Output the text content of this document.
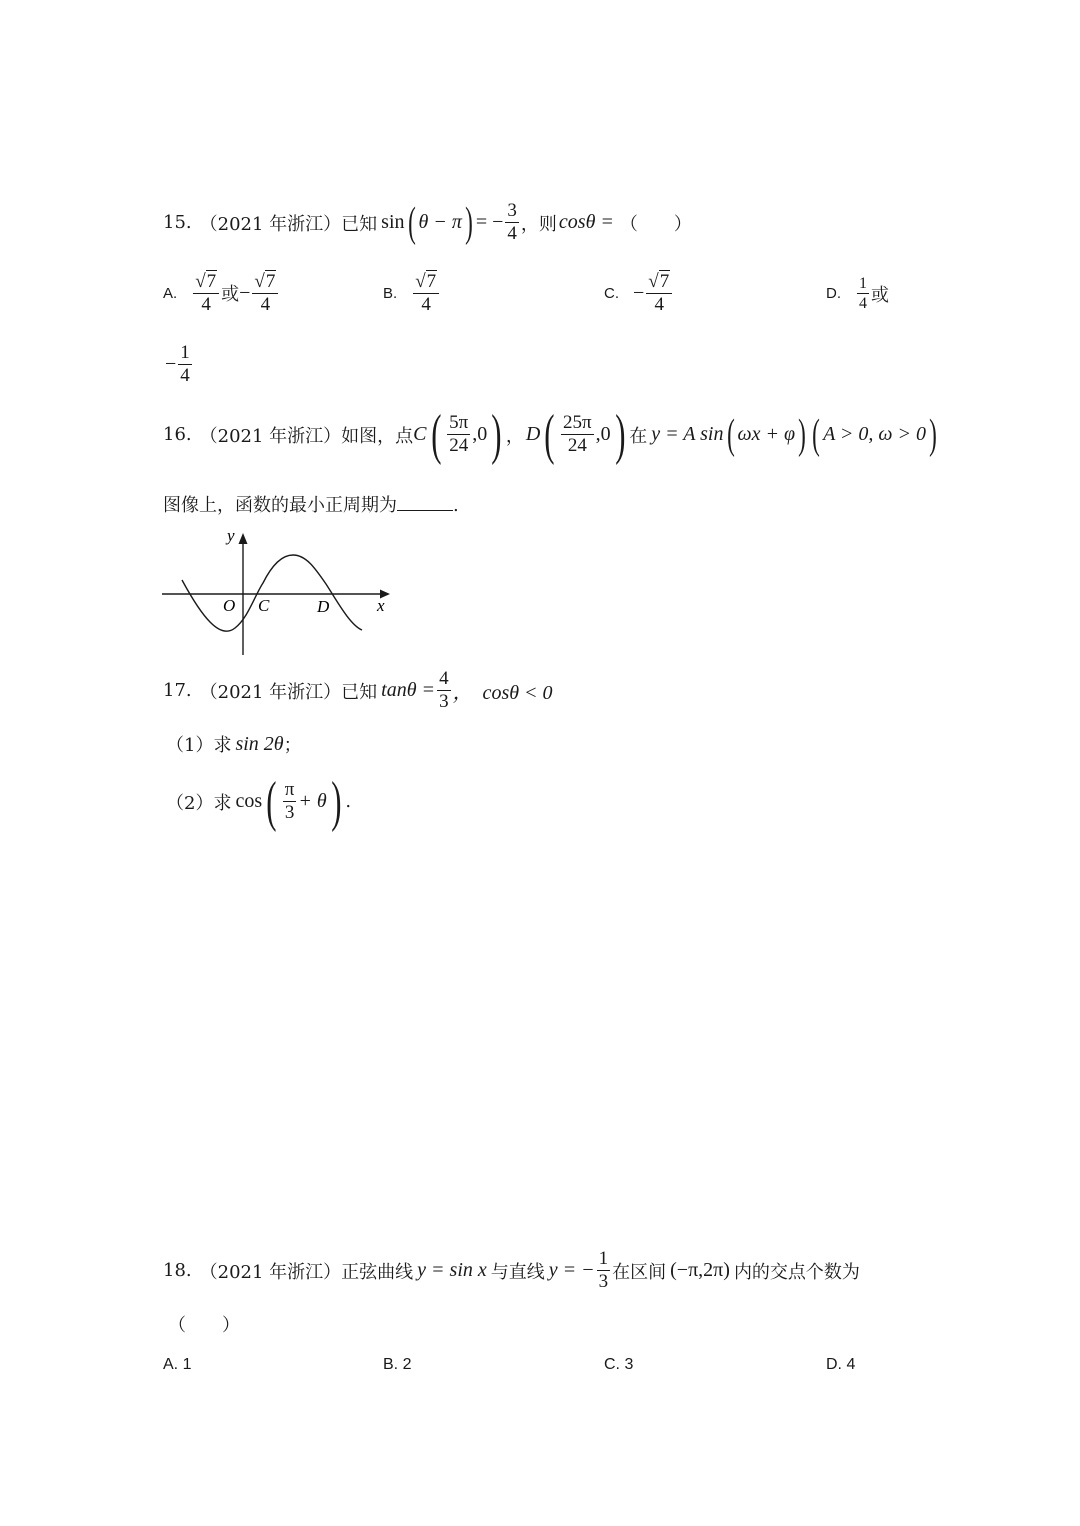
15. （2021 年浙江）已知 sin ( θ − π ) = − $\frac{3}{4}$ ，则 cosθ = （　　）
A. $\frac{√7}{4}$ 或 − $\frac{√7}{4}$	B. $\frac{√7}{4}$	C. − $\frac{√7}{4}$	D. $\frac{1}{4}$ 或
− $\frac{1}{4}$
16. （2021 年浙江）如图，点 C ( $\frac{5\pi}{24} ,0$ ) ， D ( $\frac{25\pi}{24} ,0$ ) 在 y = A sin ( ωx + φ ) ( A > 0, ω > 0 )
图像上，函数的最小正周期为	.
y
x
O C	D
17. （2021 年浙江）已知 $\tan\theta = \frac{4}{3}$ ，　cosθ < 0
（1）求 sin 2θ ；
（2）求 cos ( $\frac{\pi}{3} + \theta$ ) .
18. （2021 年浙江）正弦曲线 y = sin x 与直线 y = − $\frac{1}{3}$ 在区间 (−π,2π) 内的交点个数为
（　　）
A. 1	B. 2	C. 3	D. 4
